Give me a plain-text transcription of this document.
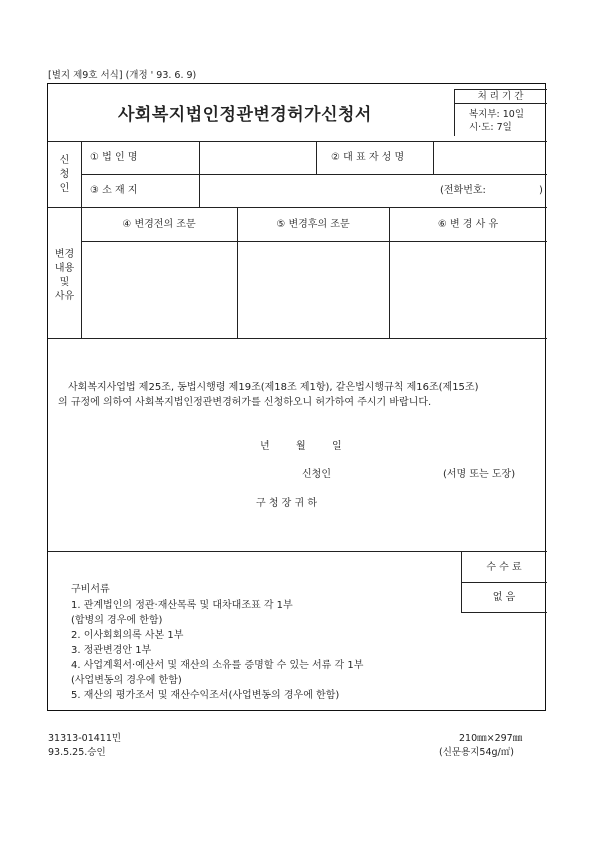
[별지 제9호 서식] (개정 ' 93. 6. 9)
사회복지법인정관변경허가신청서
처 리 기 간
복지부: 10일
시·도: 7일
신
청
인
① 법 인 명	② 대 표 자 성 명
③ 소 재 지	(전화번호:	)
변경
내용
및
사유
④ 변경전의 조문	⑤ 변경후의 조문	⑥ 변 경 사 유
사회복지사업법 제25조, 동법시행령 제19조(제18조 제1항), 같은법시행규칙 제16조(제15조)
의 규정에 의하여 사회복지법인정관변경허가를 신청하오니 허가하여 주시기 바랍니다.
년	월	일
신청인	(서명 또는 도장)
구 청 장 귀 하
수 수 료
없 음
구비서류
1. 관계법인의 정관·재산목록 및 대차대조표 각 1부
(합병의 경우에 한함)
2. 이사회회의록 사본 1부
3. 정관변경안 1부
4. 사업계획서·예산서 및 재산의 소유를 증명할 수 있는 서류 각 1부
(사업변동의 경우에 한함)
5. 재산의 평가조서 및 재산수익조서(사업변동의 경우에 한함)
31313-01411민
93.5.25.승인
210㎜×297㎜
(신문용지54g/㎡)
